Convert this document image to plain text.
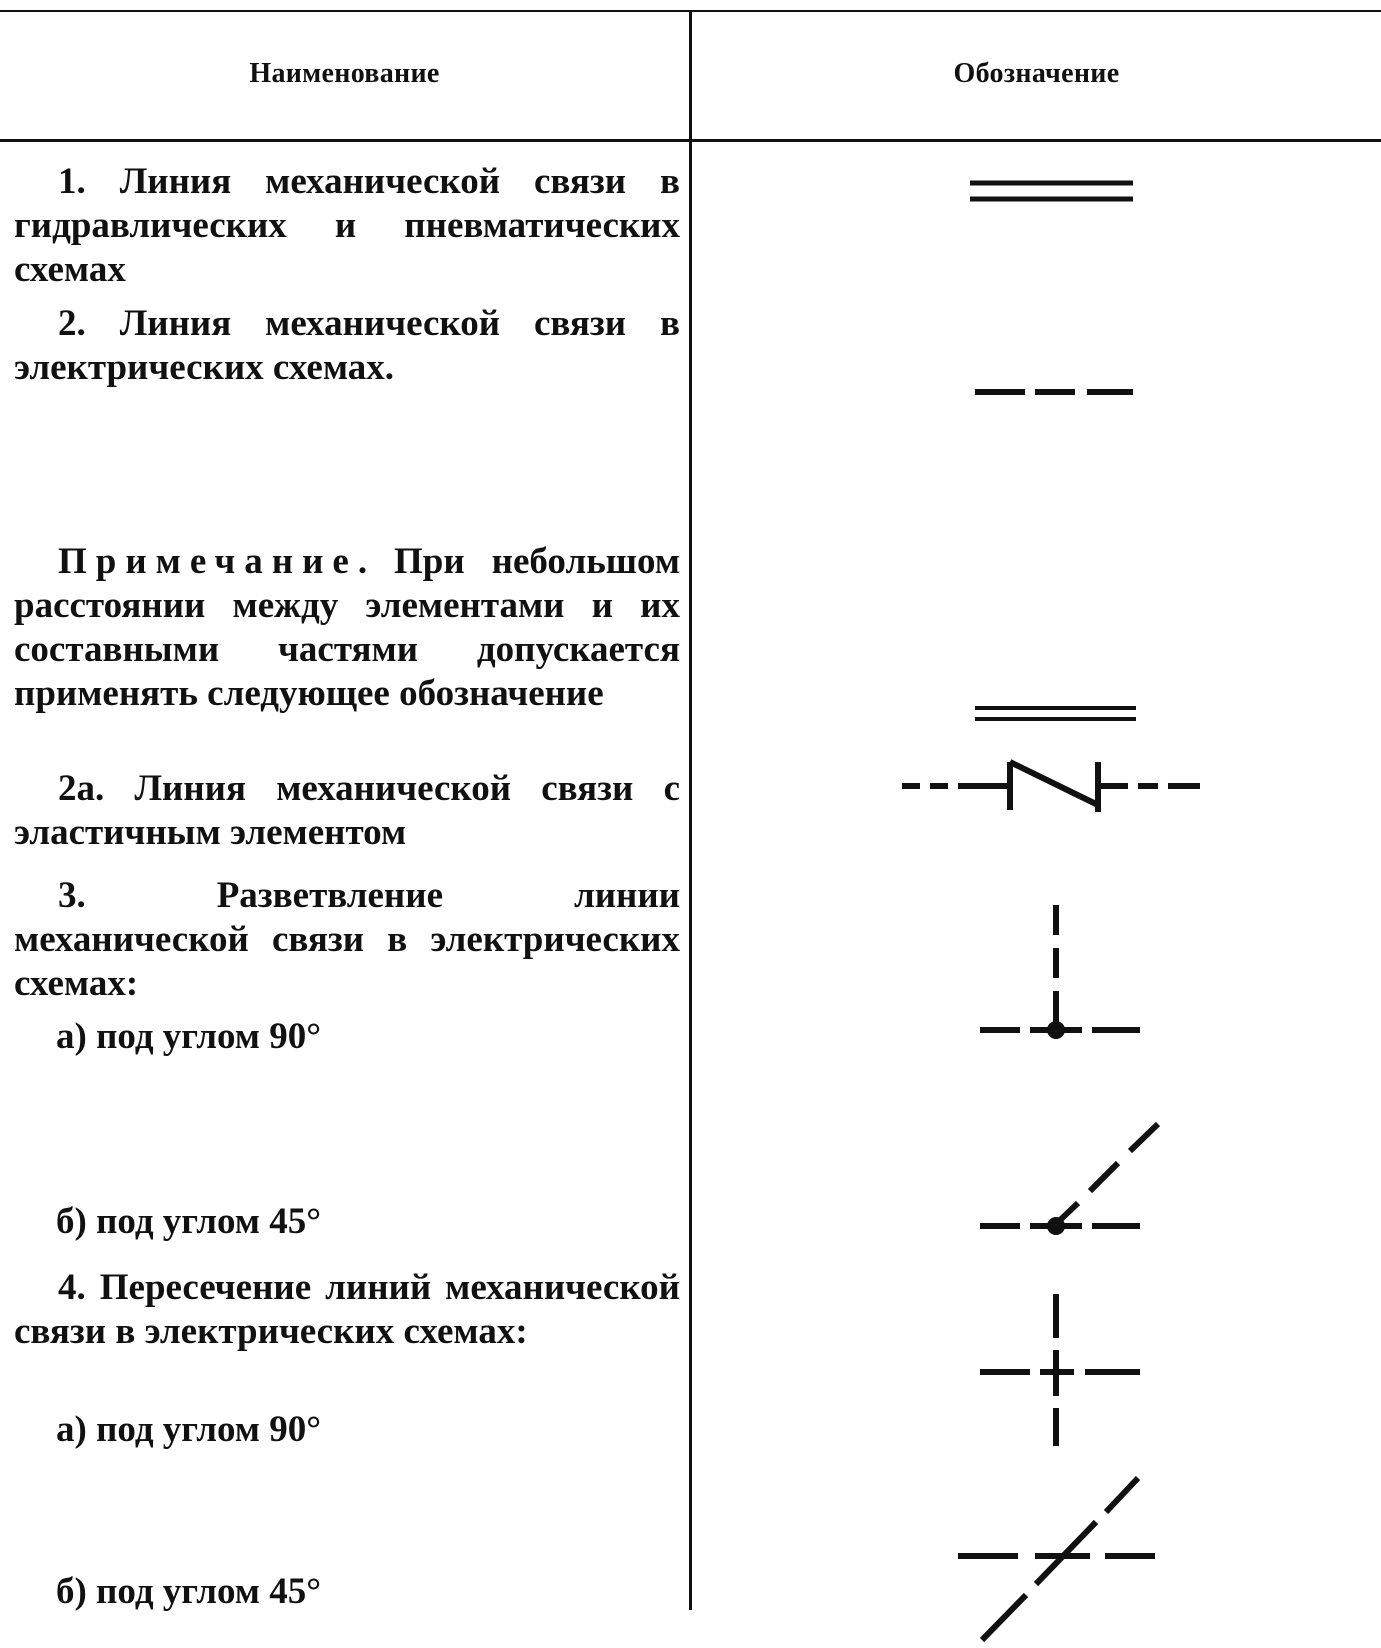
Наименование	Обозначение

1. Линия механической связи в гидравлических и пневматических схемах

2. Линия механической связи в электрических схемах.

Примечание. При небольшом расстоянии между элементами и их составными частями допускается применять следующее обозначение

2а. Линия механической связи с эластичным элементом

3. Разветвление линии механической связи в электрических схемах:

а) под углом 90°

б) под углом 45°

4. Пересечение линий механической связи в электрических схемах:

а) под углом 90°

б) под углом 45°
